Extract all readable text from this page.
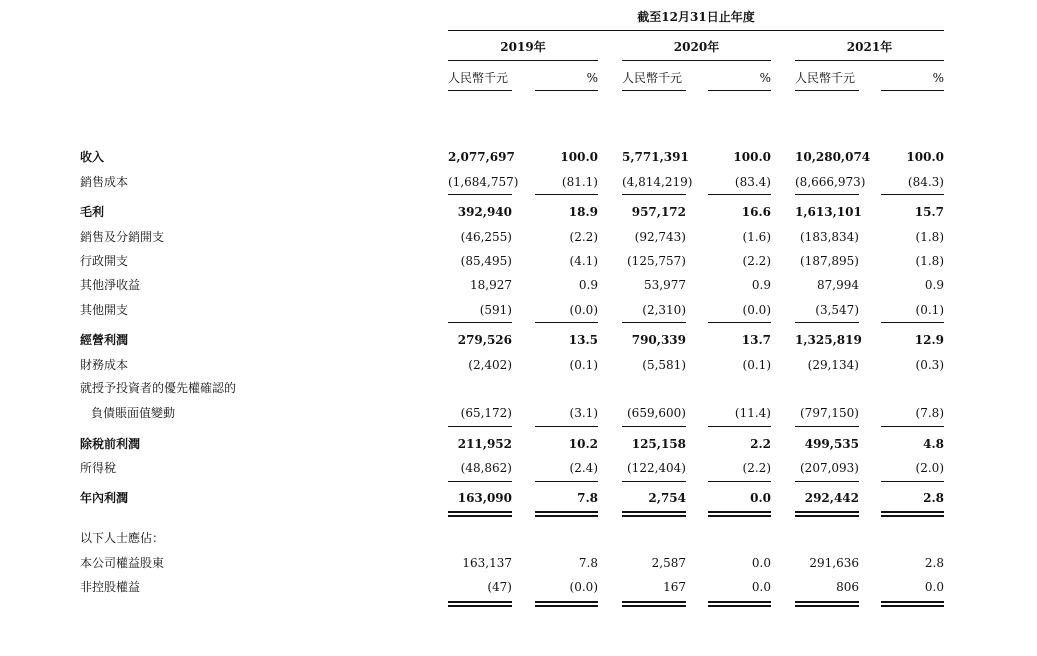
截至12月31日止年度
2019年
人民幣千元	%
2020年
人民幣千元	%
2021年
人民幣千元	%
收入	2,077,697	100.0 5,771,391	100.0 10,280,074	100.0
銷售成本	(1,684,757)	(81.1) (4,814,219)	(83.4) (8,666,973)	(84.3)
毛利	392,940	18.9	957,172	16.6 1,613,101	15.7
銷售及分銷開支	(46,255)	(2.2)	(92,743)	(1.6)	(183,834)	(1.8)
行政開支	(85,495)	(4.1)	(125,757)	(2.2)	(187,895)	(1.8)
其他淨收益	18,927	0.9	53,977	0.9	87,994	0.9
其他開支	(591)	(0.0)	(2,310)	(0.0)	(3,547)	(0.1)
經營利潤	279,526	13.5	790,339	13.7 1,325,819	12.9
財務成本	(2,402)	(0.1)	(5,581)	(0.1)	(29,134)	(0.3)
就授予投資者的優先權確認的
負債賬面值變動	(65,172)	(3.1)	(659,600)	(11.4)	(797,150)	(7.8)
除稅前利潤	211,952	10.2	125,158	2.2	499,535	4.8
所得稅	(48,862)	(2.4)	(122,404)	(2.2)	(207,093)	(2.0)
年內利潤	163,090	7.8	2,754	0.0	292,442	2.8
以下人士應佔：
本公司權益股東	163,137	7.8	2,587	0.0	291,636	2.8
非控股權益	(47)	(0.0)	167	0.0	806	0.0
